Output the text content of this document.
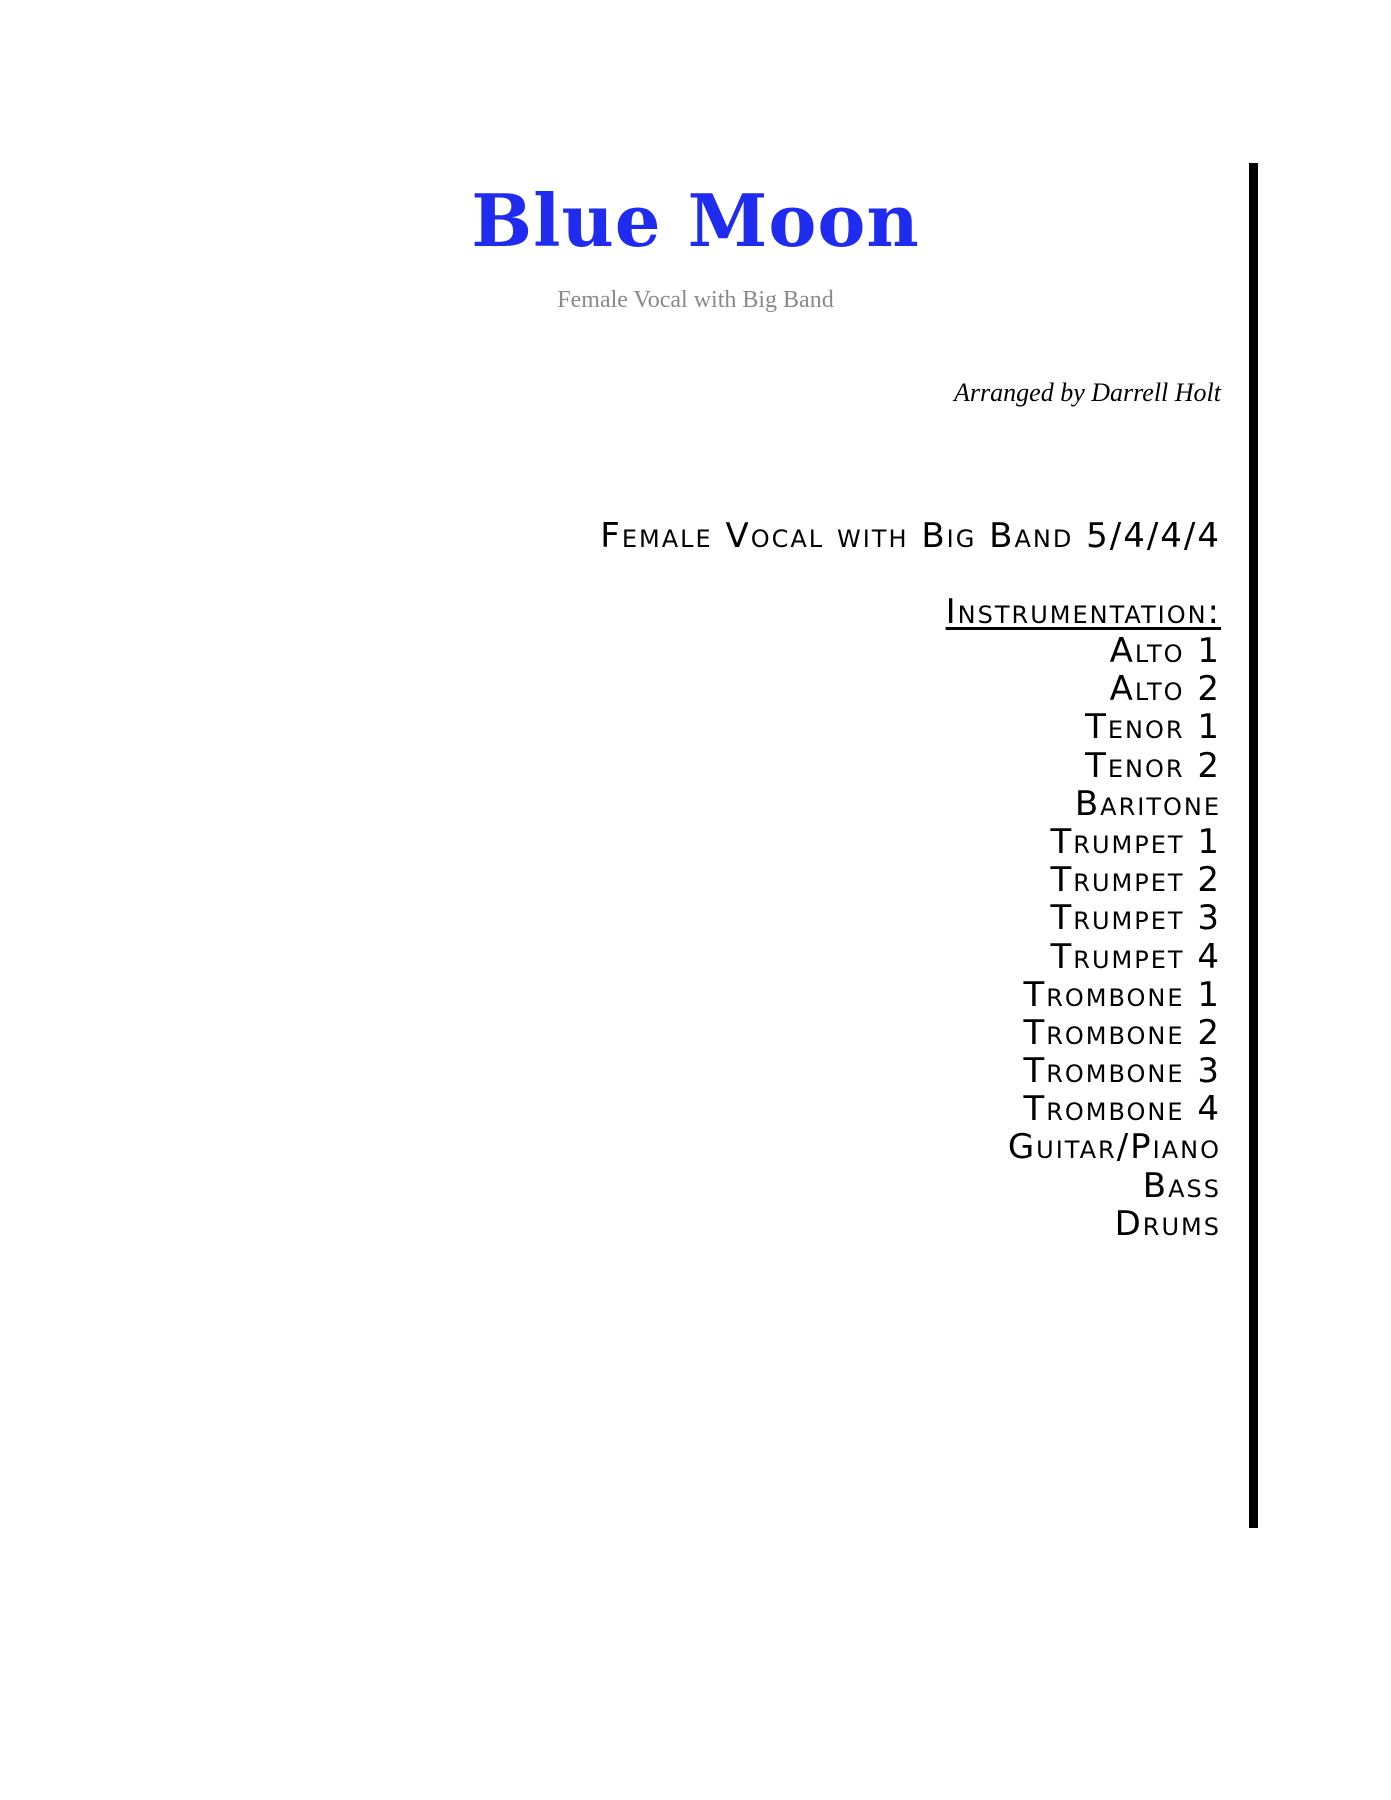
Blue Moon
Female Vocal with Big Band
Arranged by Darrell Holt
Female Vocal with Big Band 5/4/4/4
Instrumentation:
Alto 1
Alto 2
Tenor 1
Tenor 2
Baritone
Trumpet 1
Trumpet 2
Trumpet 3
Trumpet 4
Trombone 1
Trombone 2
Trombone 3
Trombone 4
Guitar/Piano
Bass
Drums
